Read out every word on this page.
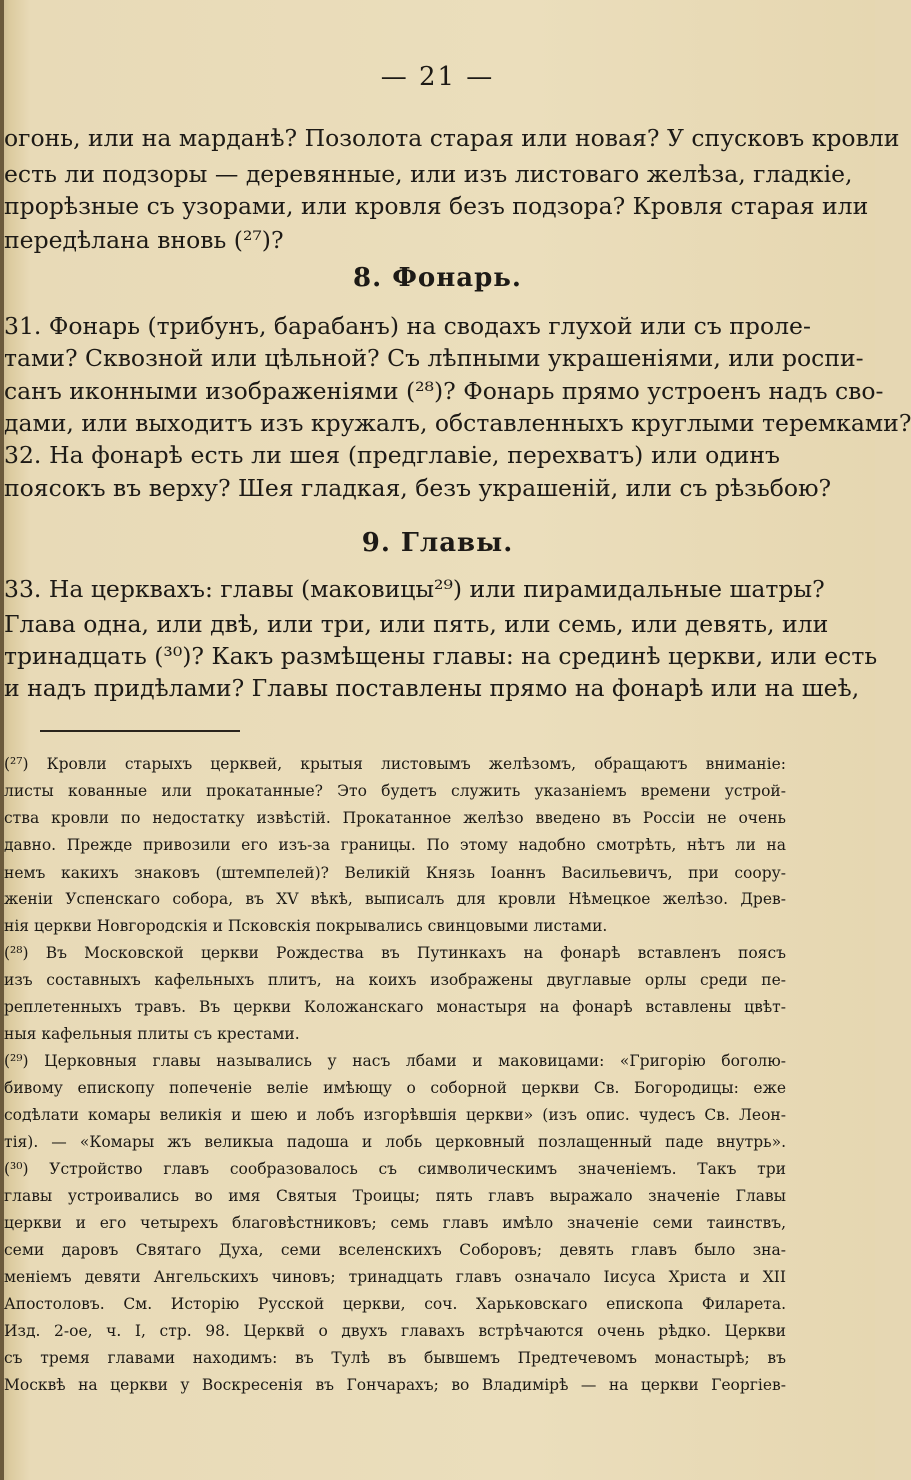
— 21 —

огонь, или на марданѣ? Позолота старая или новая? У спусковъ кровли

есть ли подзоры — деревянные, или изъ листоваго желѣза, гладкіе,

прорѣзные съ узорами, или кровля безъ подзора? Кровля старая или

передѣлана вновь (²⁷)?

8. Фонарь.

31. Фонарь (трибунъ, барабанъ) на сводахъ глухой или съ проле-

тами? Сквозной или цѣльной? Съ лѣпными украшеніями, или роспи-

санъ иконными изображеніями (²⁸)? Фонарь прямо устроенъ надъ сво-

дами, или выходитъ изъ кружалъ, обставленныхъ круглыми теремками?

32. На фонарѣ есть ли шея (предглавіе, перехватъ) или одинъ

поясокъ въ верху? Шея гладкая, безъ украшеній, или съ рѣзьбою?

9. Главы.

33. На церквахъ: главы (маковицы²⁹) или пирамидальные шатры?

Глава одна, или двѣ, или три, или пять, или семь, или девять, или

тринадцать (³⁰)? Какъ размѣщены главы: на срединѣ церкви, или есть

и надъ придѣлами? Главы поставлены прямо на фонарѣ или на шеѣ,

(²⁷) Кровли старыхъ церквей, крытыя листовымъ желѣзомъ, обращаютъ вниманіе:

листы кованные или прокатанные? Это будетъ служить указаніемъ времени устрой-

ства кровли по недостатку извѣстій. Прокатанное желѣзо введено въ Россіи не очень

давно. Прежде привозили его изъ-за границы. По этому надобно смотрѣть, нѣтъ ли на

немъ какихъ знаковъ (штемпелей)? Великій Князь Іоаннъ Васильевичъ, при соору-

женіи Успенскаго собора, въ XV вѣкѣ, выписалъ для кровли Нѣмецкое желѣзо. Древ-

нія церкви Новгородскія и Псковскія покрывались свинцовыми листами.

(²⁸) Въ Московской церкви Рождества въ Путинкахъ на фонарѣ вставленъ поясъ

изъ составныхъ кафельныхъ плитъ, на коихъ изображены двуглавые орлы среди пе-

реплетенныхъ травъ. Въ церкви Коложанскаго монастыря на фонарѣ вставлены цвѣт-

ныя кафельныя плиты съ крестами.

(²⁹) Церковныя главы назывались у насъ лбами и маковицами: «Григорію боголю-

бивому епископу попеченіе веліе имѣющу о соборной церкви Св. Богородицы: еже

содѣлати комары великія и шею и лобъ изгорѣвшія церкви» (изъ опис. чудесъ Св. Леон-

тія). — «Комары жъ великыа падоша и лобь церковный позлащенный паде внутрь».

(³⁰) Устройство главъ сообразовалось съ символическимъ значеніемъ. Такъ три

главы устроивались во имя Святыя Троицы; пять главъ выражало значеніе Главы

церкви и его четырехъ благовѣстниковъ; семь главъ имѣло значеніе семи таинствъ,

семи даровъ Святаго Духа, семи вселенскихъ Соборовъ; девять главъ было зна-

меніемъ девяти Ангельскихъ чиновъ; тринадцать главъ означало Іисуса Христа и XII

Апостоловъ. См. Исторію Русской церкви, соч. Харьковскаго епископа Филарета.

Изд. 2-ое, ч. I, стр. 98. Церквй о двухъ главахъ встрѣчаются очень рѣдко. Церкви

съ тремя главами находимъ: въ Тулѣ въ бывшемъ Предтечевомъ монастырѣ; въ

Москвѣ на церкви у Воскресенія въ Гончарахъ; во Владимірѣ — на церкви Георгіев-
